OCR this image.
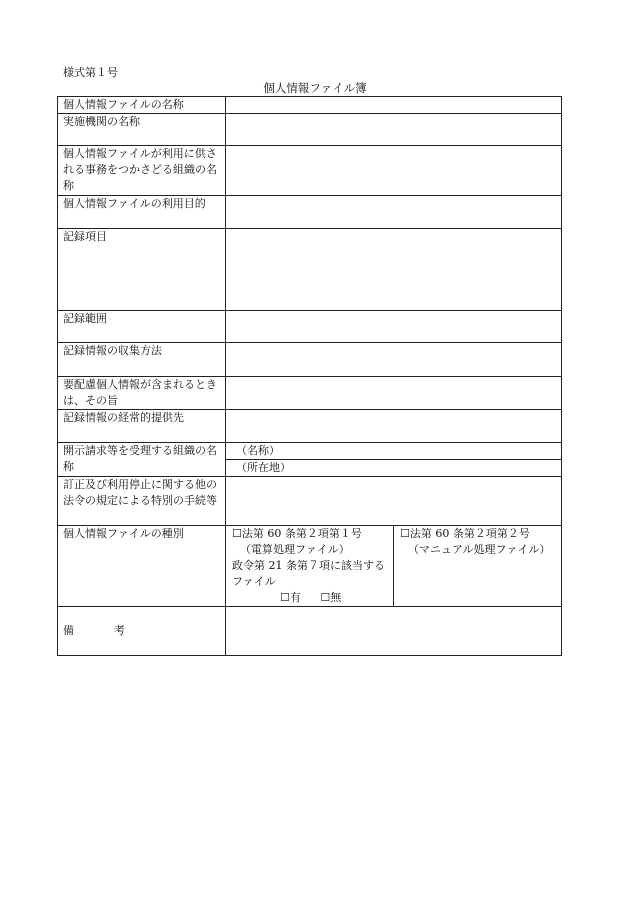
様式第１号
個人情報ファイル簿
個人情報ファイルの名称		
実施機関の名称		
個人情報ファイルが利用に供される事務をつかさどる組織の名称		
個人情報ファイルの利用目的		
記録項目		
記録範囲		
記録情報の収集方法		
要配慮個人情報が含まれるときは、その旨		
記録情報の経常的提供先		
開示請求等を受理する組織の名称	（名称）	
	（所在地）	
訂正及び利用停止に関する他の法令の規定による特別の手続等		
個人情報ファイルの種別	☐法第 60 条第２項第１号
（電算処理ファイル）
政令第 21 条第７項に該当する
ファイル
☐有 ☐無	☐法第 60 条第２項第２号
（マニュアル処理ファイル）

備 考		
